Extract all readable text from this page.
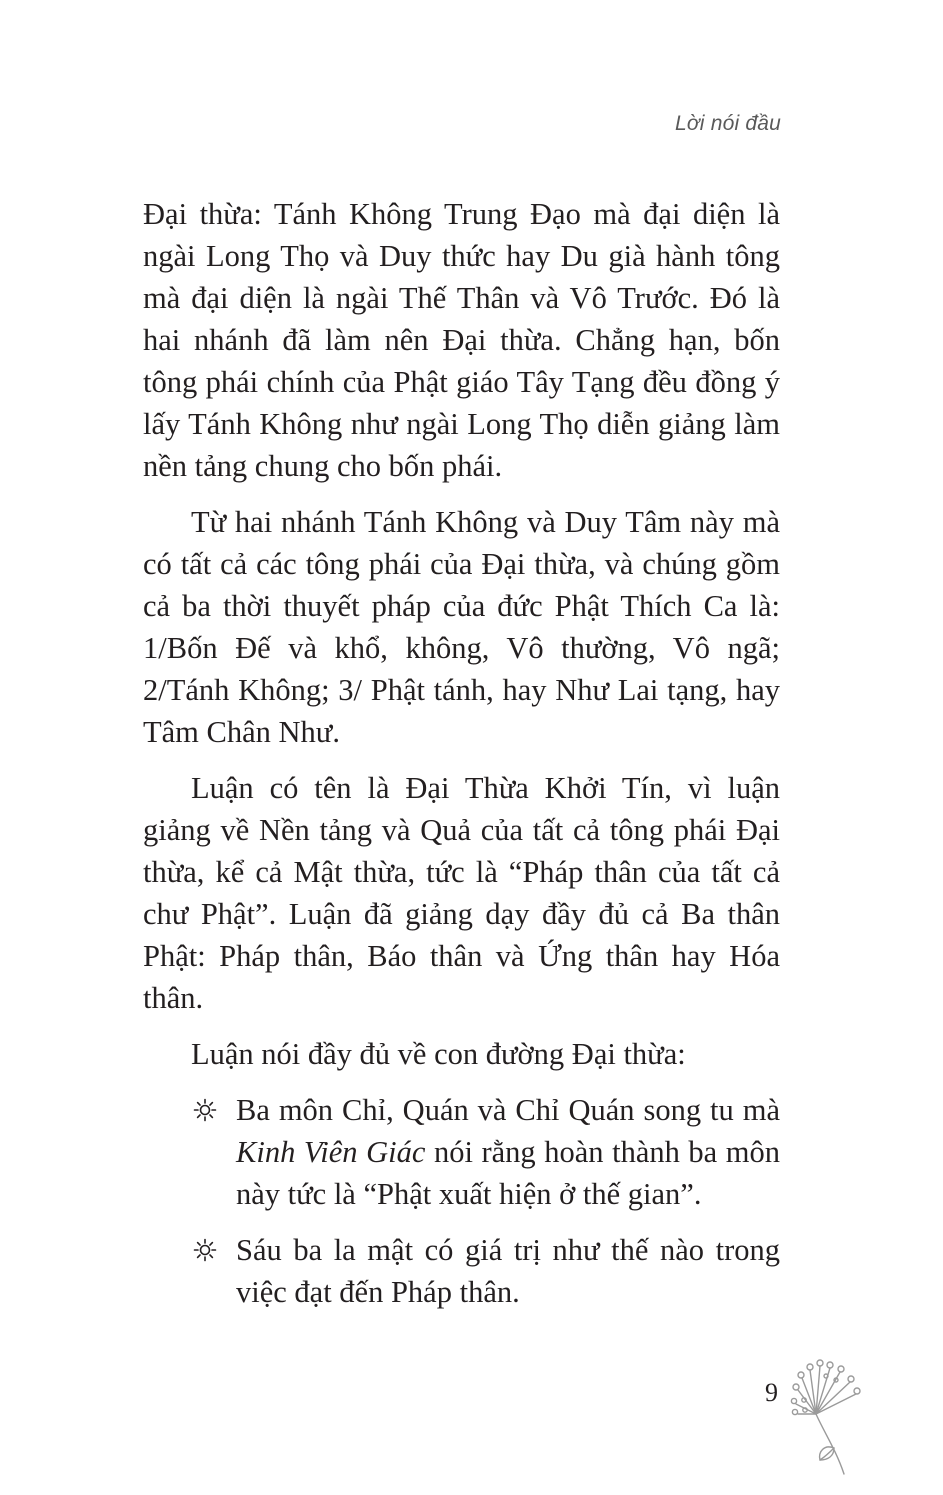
Lời nói đầu

Đại thừa: Tánh Không Trung Đạo mà đại diện là ngài Long Thọ và Duy thức hay Du già hành tông mà đại diện là ngài Thế Thân và Vô Trước. Đó là hai nhánh đã làm nên Đại thừa. Chẳng hạn, bốn tông phái chính của Phật giáo Tây Tạng đều đồng ý lấy Tánh Không như ngài Long Thọ diễn giảng làm nền tảng chung cho bốn phái.

Từ hai nhánh Tánh Không và Duy Tâm này mà có tất cả các tông phái của Đại thừa, và chúng gồm cả ba thời thuyết pháp của đức Phật Thích Ca là: 1/Bốn Đế và khổ, không, Vô thường, Vô ngã; 2/Tánh Không; 3/ Phật tánh, hay Như Lai tạng, hay Tâm Chân Như.

Luận có tên là Đại Thừa Khởi Tín, vì luận giảng về Nền tảng và Quả của tất cả tông phái Đại thừa, kể cả Mật thừa, tức là “Pháp thân của tất cả chư Phật”. Luận đã giảng dạy đầy đủ cả Ba thân Phật: Pháp thân, Báo thân và Ứng thân hay Hóa thân.

Luận nói đầy đủ về con đường Đại thừa:

Ba môn Chỉ, Quán và Chỉ Quán song tu mà Kinh Viên Giác nói rằng hoàn thành ba môn này tức là “Phật xuất hiện ở thế gian”.
Sáu ba la mật có giá trị như thế nào trong việc đạt đến Pháp thân.
9
